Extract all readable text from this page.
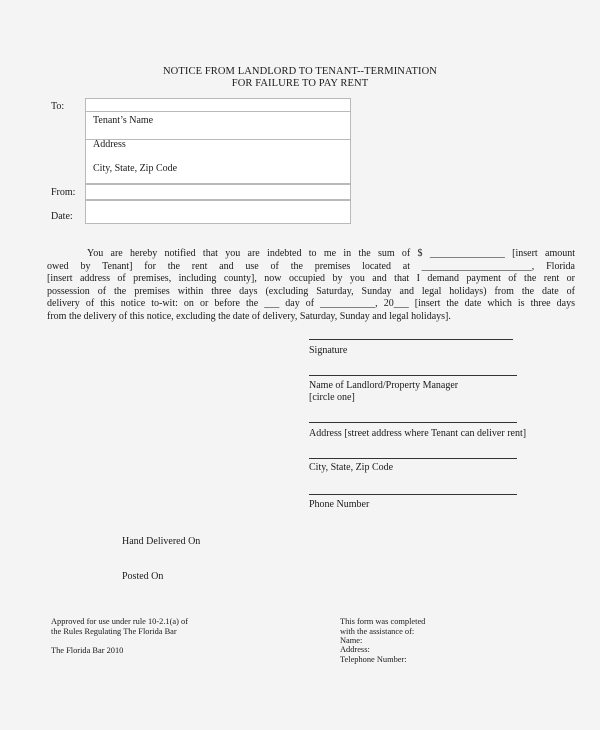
NOTICE FROM LANDLORD TO TENANT--TERMINATION
FOR FAILURE TO PAY RENT
To:
From:
Date:
Tenant’s Name
Address
City, State, Zip Code
You are hereby notified that you are indebted to me in the sum of $ _______________ [insert amount
owed by Tenant] for the rent and use of the premises located at ______________________, Florida
[insert address of premises, including county], now occupied by you and that I demand payment of the rent or
possession of the premises within three days (excluding Saturday, Sunday and legal holidays) from the date of
delivery of this notice to-wit: on or before the ___ day of ___________, 20___ [insert the date which is three days
from the delivery of this notice, excluding the date of delivery, Saturday, Sunday and legal holidays].
Signature
Name of Landlord/Property Manager
[circle one]
Address [street address where Tenant can deliver rent]
City, State, Zip Code
Phone Number
Hand Delivered On
Posted On
Approved for use under rule 10-2.1(a) of
the Rules Regulating The Florida Bar
The Florida Bar 2010
This form was completed
with the assistance of:
Name:
Address:
Telephone Number:
